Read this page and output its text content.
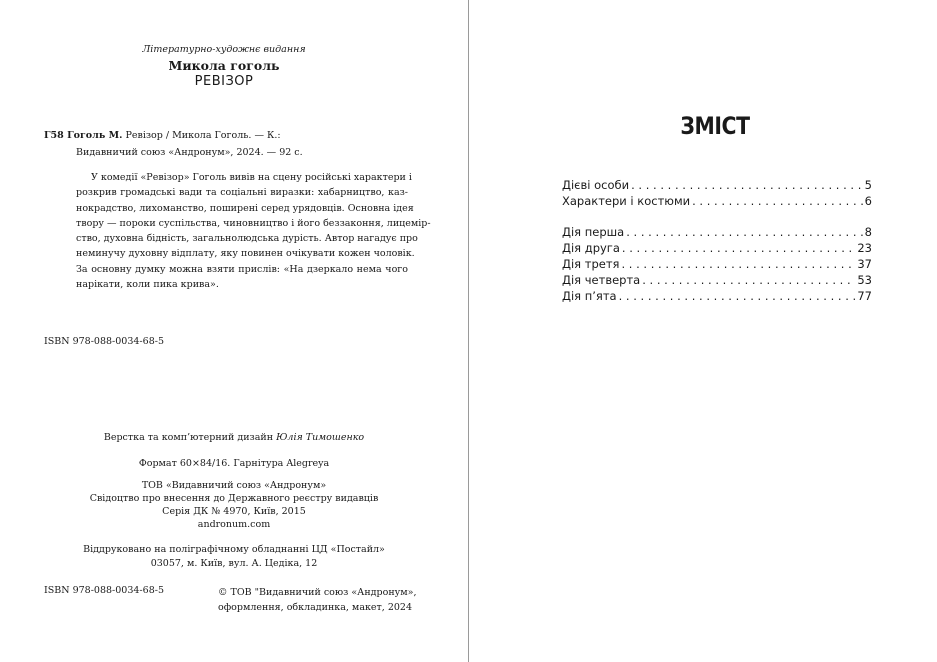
Літературно-художнє видання
Микола гоголь
РЕВІЗОР
Г58 Гоголь М. Ревізор / Микола Гоголь. — К.:
Видавничий союз «Андронум», 2024. — 92 с.
У комедії «Ревізор» Гоголь вивів на сцену російські характери і
розкрив громадські вади та соціальні виразки: хабарництво, каз-
нокрадство, лихоманство, поширені серед урядовців. Основна ідея
твору — пороки суспільства, чиновництво і його беззаконня, лицемір-
ство, духовна бідність, загальнолюдська дурість. Автор нагадує про
неминучу духовну відплату, яку повинен очікувати кожен чоловік.
За основну думку можна взяти прислів: «На дзеркало нема чого
нарікати, коли пика крива».
ISBN 978-088-0034-68-5
Верстка та комп’ютерний дизайн Юлія Тимошенко
Формат 60×84/16. Гарнітура Alegreya
ТОВ «Видавничий союз «Андронум»
Свідоцтво про внесення до Державного реєстру видавців
Серія ДК № 4970, Київ, 2015
andronum.com
Віддруковано на поліграфічному обладнанні ЦД «Постайл»
03057, м. Київ, вул. А. Цедіка, 12
ISBN 978-088-0034-68-5	© ТОВ "Видавничий союз «Андронум»,
оформлення, обкладинка, макет, 2024
ЗМІСТ
Дієві особи . . .	5
Характери і костюми . . .	6
Дія перша . . .	8
Дія друга . . .	23
Дія третя . . .	37
Дія четверта . . .	53
Дія п’ята . . .	77
